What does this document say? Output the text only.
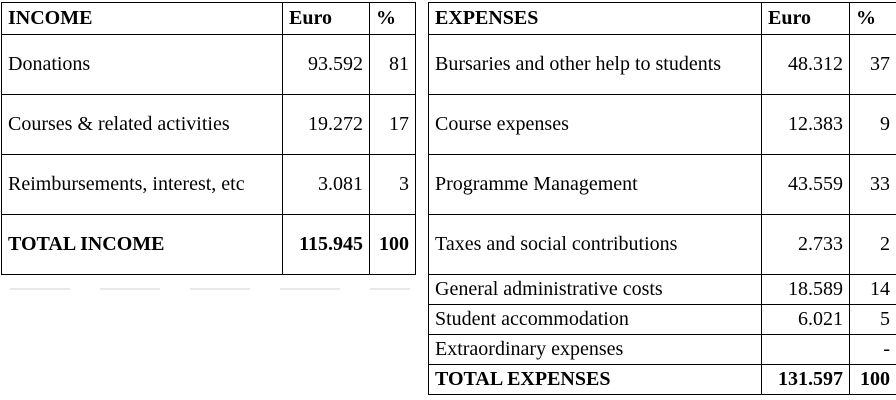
INCOME	Euro	%
Donations	93.592	81
Courses & related activities	19.272	17
Reimbursements, interest, etc	3.081	3
TOTAL INCOME	115.945	100
EXPENSES	Euro	%
Bursaries and other help to students	48.312	37
Course expenses	12.383	9
Programme Management	43.559	33
Taxes and social contributions	2.733	2
General administrative costs	18.589	14
Student accommodation	6.021	5
Extraordinary expenses		-
TOTAL EXPENSES	131.597	100
